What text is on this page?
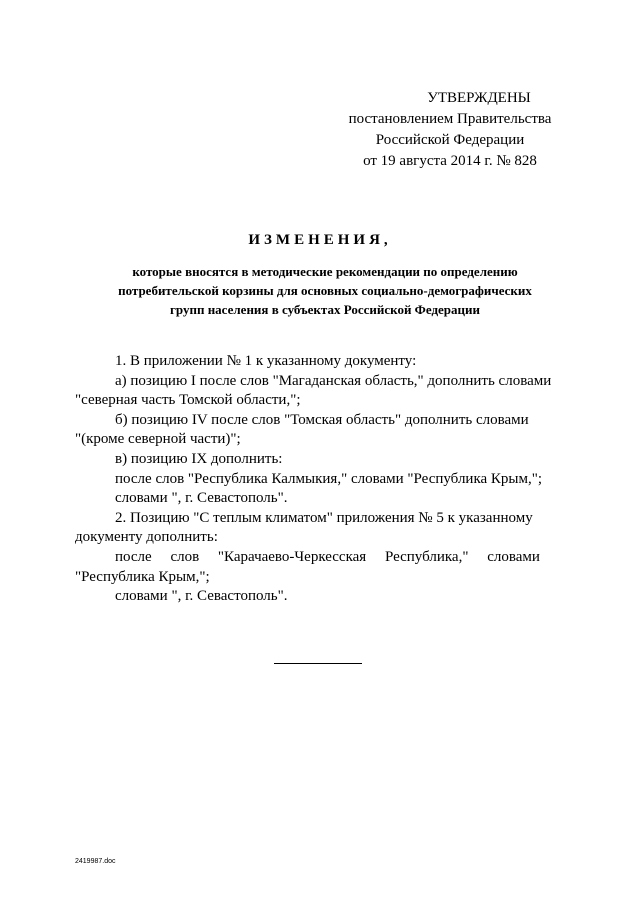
УТВЕРЖДЕНЫ
постановлением Правительства
Российской Федерации
от 19 августа 2014 г. № 828
ИЗМЕНЕНИЯ,
которые вносятся в методические рекомендации по определению
потребительской корзины для основных социально-демографических
групп населения в субъектах Российской Федерации
1. В приложении № 1 к указанному документу:
а) позицию I после слов "Магаданская область," дополнить словами
"северная часть Томской области,";
б) позицию IV после слов "Томская область" дополнить словами
"(кроме северной части)";
в) позицию IX дополнить:
после слов "Республика Калмыкия," словами "Республика Крым,";
словами ", г. Севастополь".
2. Позицию "С теплым климатом" приложения № 5 к указанному
документу дополнить:
после     слов     "Карачаево-Черкесская     Республика,"     словами
"Республика Крым,";
словами ", г. Севастополь".
2419987.doc
